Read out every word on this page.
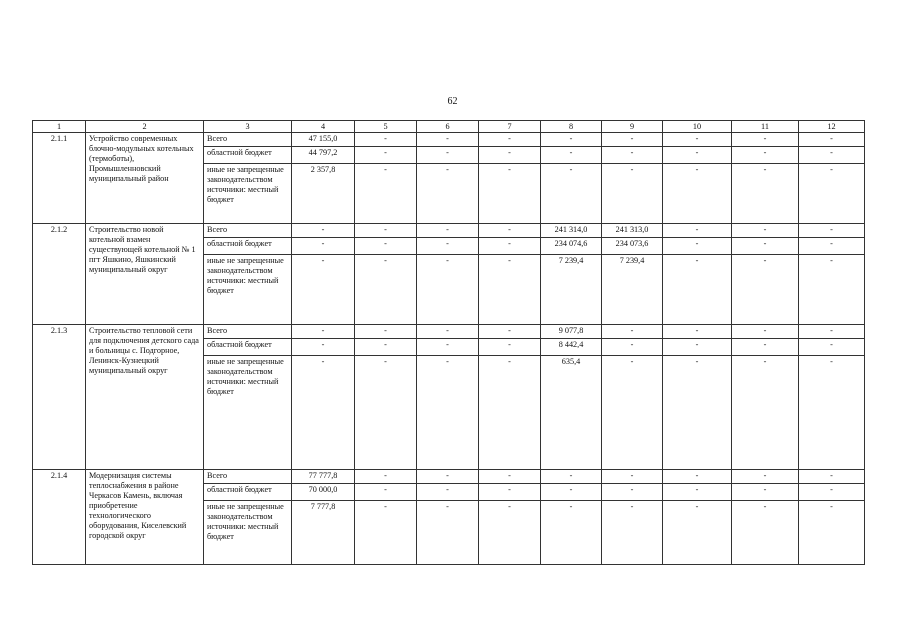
62
1	2	3	4	5	6	7	8	9	10	11	12
2.1.1	Устройство современных блочно-модульных котельных (термоботы), Промышленновский муниципальный район	Всего	47 155,0	-	-	-	-	-	-	-	-
		областной бюджет	44 797,2	-	-	-	-	-	-	-	-
		иные не запрещенные законодательством источники: местный бюджет	2 357,8	-	-	-	-	-	-	-	-
2.1.2	Строительство новой котельной взамен существующей котельной № 1 пгт Яшкино, Яшкинский муниципальный округ	Всего	-	-	-	-	241 314,0	241 313,0	-	-	-
		областной бюджет	-	-	-	-	234 074,6	234 073,6	-	-	-
		иные не запрещенные законодательством источники: местный бюджет	-	-	-	-	7 239,4	7 239,4	-	-	-
2.1.3	Строительство тепловой сети для подключения детского сада и больницы с. Подгорное, Ленинск-Кузнецкий муниципальный округ	Всего	-	-	-	-	9 077,8	-	-	-	-
		областной бюджет	-	-	-	-	8 442,4	-	-	-	-
		иные не запрещенные законодательством источники: местный бюджет	-	-	-	-	635,4	-	-	-	-
2.1.4	Модернизация системы теплоснабжения в районе Черкасов Камень, включая приобретение технологического оборудования, Киселевский городской округ	Всего	77 777,8	-	-	-	-	-	-	-	-
		областной бюджет	70 000,0	-	-	-	-	-	-	-	-
		иные не запрещенные законодательством источники: местный бюджет	7 777,8	-	-	-	-	-	-	-	-
